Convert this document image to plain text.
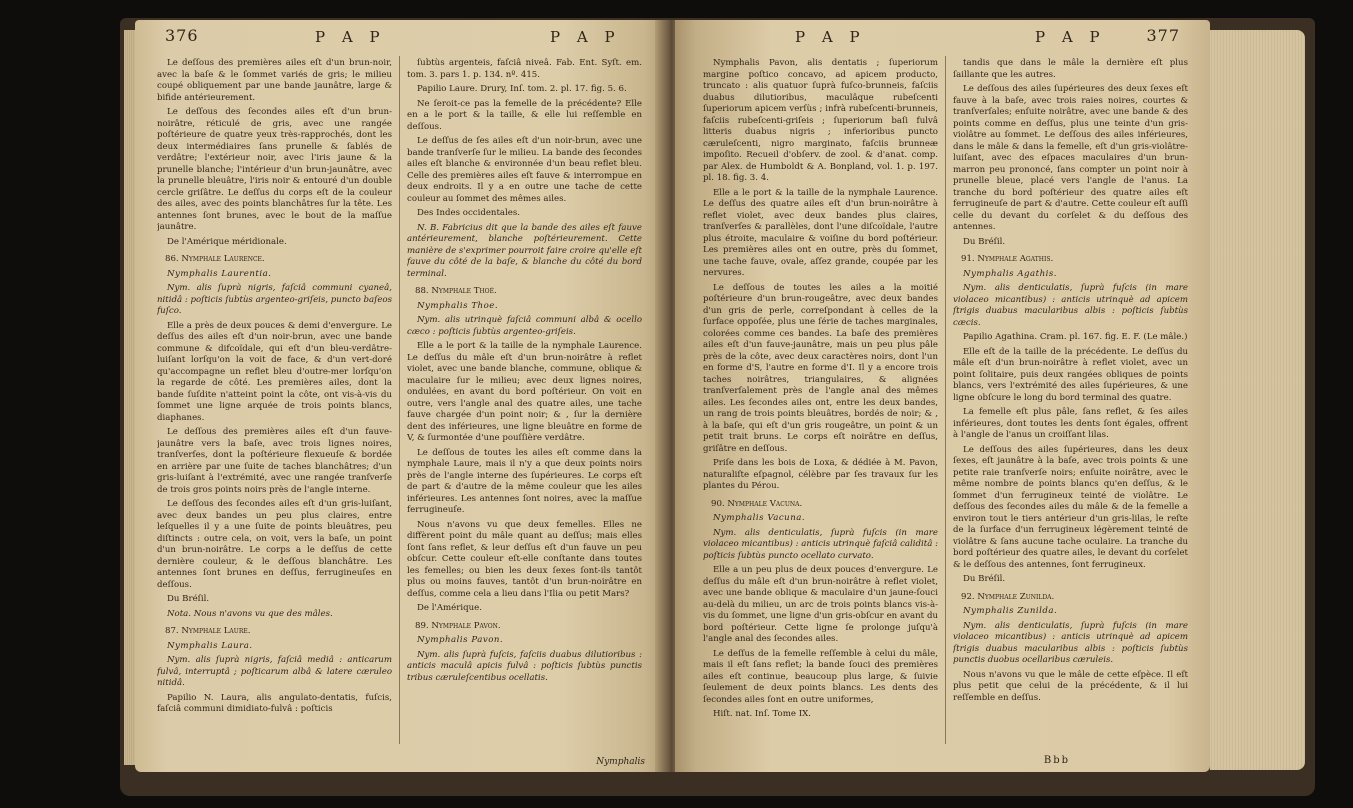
376	P A P	P A P

Le deſſous des premières ailes eſt d'un brun-noir, avec la baſe & le ſommet variés de gris; le milieu coupé obliquement par une bande jaunâtre, large & bifide antérieurement.

Le deſſous des ſecondes ailes eſt d'un brun-noirâtre, réticulé de gris, avec une rangée poſtérieure de quatre yeux très-rapprochés, dont les deux intermédiaires ſans prunelle & ſablés de verdâtre; l'extérieur noir, avec l'iris jaune & la prunelle blanche; l'intérieur d'un brun-jaunâtre, avec la prunelle bleuâtre, l'iris noir & entouré d'un double cercle griſâtre. Le deſſus du corps eſt de la couleur des ailes, avec des points blanchâtres ſur la tête. Les antennes ſont brunes, avec le bout de la maſſue jaunâtre.

De l'Amérique méridionale.

86. Nymphale Laurence.

Nymphalis Laurentia.

Nym. alis ſuprà nigris, faſciâ communi cyaneâ, nitidâ : poſticis ſubtùs argenteo-griſeis, puncto baſeos fuſco.

Elle a près de deux pouces & demi d'envergure. Le deſſus des ailes eſt d'un noir-brun, avec une bande commune & difcoïdale, qui eſt d'un bleu-verdâtre-luiſant lorſqu'on la voit de face, & d'un vert-doré qu'accompagne un reflet bleu d'outre-mer lorſqu'on la regarde de côté. Les premières ailes, dont la bande ſuſdite n'atteint point la côte, ont vis-à-vis du ſommet une ligne arquée de trois points blancs, diaphanes.

Le deſſous des premières ailes eſt d'un fauve-jaunâtre vers la baſe, avec trois lignes noires, tranſverſes, dont la poſtérieure flexueuſe & bordée en arrière par une ſuite de taches blanchâtres; d'un gris-luiſant à l'extrémité, avec une rangée tranſverſe de trois gros points noirs près de l'angle interne.

Le deſſous des ſecondes ailes eſt d'un gris-luiſant, avec deux bandes un peu plus claires, entre leſquelles il y a une ſuite de points bleuâtres, peu diſtincts : outre cela, on voit, vers la baſe, un point d'un brun-noirâtre. Le corps a le deſſus de cette dernière couleur, & le deſſous blanchâtre. Les antennes ſont brunes en deſſus, ferrugineuſes en deſſous.

Du Bréſil.

Nota. Nous n'avons vu que des mâles.

87. Nymphale Laure.

Nymphalis Laura.

Nym. alis ſuprà nigris, faſciâ mediâ : anticarum fulvâ, interruptâ ; poſticarum albâ & latere cæruleo nitidâ.

Papilio N. Laura, alis angulato-dentatis, fuſcis, faſciâ communi dimidiato-fulvâ : poſticis

ſubtùs argenteis, faſciâ niveâ. Fab. Ent. Syſt. em. tom. 3. pars 1. p. 134. nº. 415.

Papilio Laure. Drury, Inſ. tom. 2. pl. 17. fig. 5. 6.

Ne ſeroit-ce pas la femelle de la précédente? Elle en a le port & la taille, & elle lui reſſemble en deſſous.

Le deſſus de ſes ailes eſt d'un noir-brun, avec une bande tranſverſe ſur le milieu. La bande des ſecondes ailes eſt blanche & environnée d'un beau reflet bleu. Celle des premières ailes eſt fauve & interrompue en deux endroits. Il y a en outre une tache de cette couleur au ſommet des mêmes ailes.

Des Indes occidentales.

N. B. Fabricius dit que la bande des ailes eſt fauve antérieurement, blanche poſtérieurement. Cette manière de s'exprimer pourroit faire croire qu'elle eſt fauve du côté de la baſe, & blanche du côté du bord terminal.

88. Nymphale Thoé.

Nymphalis Thoe.

Nym. alis utrinquè faſciâ communi albâ & ocello cæco : poſticis ſubtùs argenteo-griſeis.

Elle a le port & la taille de la nymphale Laurence. Le deſſus du mâle eſt d'un brun-noirâtre à reflet violet, avec une bande blanche, commune, oblique & maculaire ſur le milieu; avec deux lignes noires, ondulées, en avant du bord poſtérieur. On voit en outre, vers l'angle anal des quatre ailes, une tache fauve chargée d'un point noir; & , ſur la dernière dent des inférieures, une ligne bleuâtre en forme de V, & ſurmontée d'une pouſſière verdâtre.

Le deſſous de toutes les ailes eſt comme dans la nymphale Laure, mais il n'y a que deux points noirs près de l'angle interne des ſupérieures. Le corps eſt de part & d'autre de la même couleur que les ailes inférieures. Les antennes ſont noires, avec la maſſue ferrugineuſe.

Nous n'avons vu que deux femelles. Elles ne diffèrent point du mâle quant au deſſus; mais elles ſont ſans reflet, & leur deſſus eſt d'un fauve un peu obſcur. Cette couleur eſt-elle conſtante dans toutes les femelles; ou bien les deux ſexes ſont-ils tantôt plus ou moins fauves, tantôt d'un brun-noirâtre en deſſus, comme cela a lieu dans l'Ilia ou petit Mars?

De l'Amérique.

89. Nymphale Pavon.

Nymphalis Pavon.

Nym. alis ſuprà fuſcis, faſciis duabus dilutioribus : anticis maculâ apicis fulvâ : poſticis ſubtùs punctis tribus cæruleſcentibus ocellatis.

Nymphalis
P A P	P A P	377

Nymphalis Pavon, alis dentatis ; ſuperiorum margine poſtico concavo, ad apicem producto, truncato : alis quatuor ſuprà fuſco-brunneis, faſciis duabus dilutioribus, maculâque rubeſcenti ſuperiorum apicem verſùs ; infrà rubeſcenti-brunneis, faſciis rubeſcenti-griſeis ; ſuperiorum baſi fulvâ litteris duabus nigris ; inferioribus puncto cæruleſcenti, nigro marginato, faſciis brunneæ impoſito. Recueil d'obſerv. de zool. & d'anat. comp. par Alex. de Humboldt & A. Bonpland, vol. 1. p. 197. pl. 18. fig. 3. 4.

Elle a le port & la taille de la nymphale Laurence. Le deſſus des quatre ailes eſt d'un brun-noirâtre à reflet violet, avec deux bandes plus claires, tranſverſes & parallèles, dont l'une diſcoïdale, l'autre plus étroite, maculaire & voiſine du bord poſtérieur. Les premières ailes ont en outre, près du ſommet, une tache fauve, ovale, aſſez grande, coupée par les nervures.

Le deſſous de toutes les ailes a la moitié poſtérieure d'un brun-rougeâtre, avec deux bandes d'un gris de perle, correſpondant à celles de la ſurface oppoſée, plus une ſérie de taches marginales, colorées comme ces bandes. La baſe des premières ailes eſt d'un fauve-jaunâtre, mais un peu plus pâle près de la côte, avec deux caractères noirs, dont l'un en forme d'S, l'autre en forme d'I. Il y a encore trois taches noirâtres, triangulaires, & alignées tranſverſalement près de l'angle anal des mêmes ailes. Les ſecondes ailes ont, entre les deux bandes, un rang de trois points bleuâtres, bordés de noir; & , à la baſe, qui eſt d'un gris rougeâtre, un point & un petit trait bruns. Le corps eſt noirâtre en deſſus, griſâtre en deſſous.

Priſe dans les bois de Loxa, & dédiée à M. Pavon, naturaliſte eſpagnol, célèbre par ſes travaux ſur les plantes du Pérou.

90. Nymphale Vacuna.

Nymphalis Vacuna.

Nym. alis denticulatis, ſuprà fuſcis (in mare violaceo micantibus) : anticis utrinquè faſciâ caliditâ : poſticis ſubtùs puncto ocellato curvato.

Elle a un peu plus de deux pouces d'envergure. Le deſſus du mâle eſt d'un brun-noirâtre à reflet violet, avec une bande oblique & maculaire d'un jaune-ſouci au-delà du milieu, un arc de trois points blancs vis-à-vis du ſommet, une ligne d'un gris-obſcur en avant du bord poſtérieur. Cette ligne ſe prolonge juſqu'à l'angle anal des ſecondes ailes.

Le deſſus de la femelle reſſemble à celui du mâle, mais il eſt ſans reflet; la bande ſouci des premières ailes eſt continue, beaucoup plus large, & ſuivie ſeulement de deux points blancs. Les dents des ſecondes ailes ſont en outre uniformes,

Hiſt. nat. Inſ. Tome IX.

tandis que dans le mâle la dernière eſt plus ſaillante que les autres.

Le deſſous des ailes ſupérieures des deux ſexes eſt fauve à la baſe, avec trois raies noires, courtes & tranſverſales; enſuite noirâtre, avec une bande & des points comme en deſſus, plus une teinte d'un gris-violâtre au ſommet. Le deſſous des ailes inférieures, dans le mâle & dans la femelle, eſt d'un gris-violâtre-luiſant, avec des eſpaces maculaires d'un brun-marron peu prononcé, ſans compter un point noir à prunelle bleue, placé vers l'angle de l'anus. La tranche du bord poſtérieur des quatre ailes eſt ferrugineuſe de part & d'autre. Cette couleur eſt auſſi celle du devant du corſelet & du deſſous des antennes.

Du Bréſil.

91. Nymphale Agathis.

Nymphalis Agathis.

Nym. alis denticulatis, ſuprà fuſcis (in mare violaceo micantibus) : anticis utrinquè ad apicem ſtrigis duabus macularibus albis : poſticis ſubtùs cæcis.

Papilio Agathina. Cram. pl. 167. fig. E. F. (Le mâle.)

Elle eſt de la taille de la précédente. Le deſſus du mâle eſt d'un brun-noirâtre à reflet violet, avec un point ſolitaire, puis deux rangées obliques de points blancs, vers l'extrémité des ailes ſupérieures, & une ligne obſcure le long du bord terminal des quatre.

La femelle eſt plus pâle, ſans reflet, & ſes ailes inférieures, dont toutes les dents ſont égales, offrent à l'angle de l'anus un croiſſant lilas.

Le deſſous des ailes ſupérieures, dans les deux ſexes, eſt jaunâtre à la baſe, avec trois points & une petite raie tranſverſe noirs; enſuite noirâtre, avec le même nombre de points blancs qu'en deſſus, & le ſommet d'un ferrugineux teinté de violâtre. Le deſſous des ſecondes ailes du mâle & de la femelle a environ tout le tiers antérieur d'un gris-lilas, le reſte de la ſurface d'un ferrugineux légèrement teinté de violâtre & ſans aucune tache oculaire. La tranche du bord poſtérieur des quatre ailes, le devant du corſelet & le deſſous des antennes, ſont ferrugineux.

Du Bréſil.

92. Nymphale Zunilda.

Nymphalis Zunilda.

Nym. alis denticulatis, ſuprà fuſcis (in mare violaceo micantibus) : anticis utrinquè ad apicem ſtrigis duabus macularibus albis : poſticis ſubtùs punctis duobus ocellaribus cæruleis.

Nous n'avons vu que le mâle de cette eſpèce. Il eſt plus petit que celui de la précédente, & il lui reſſemble en deſſus.

Bbb
